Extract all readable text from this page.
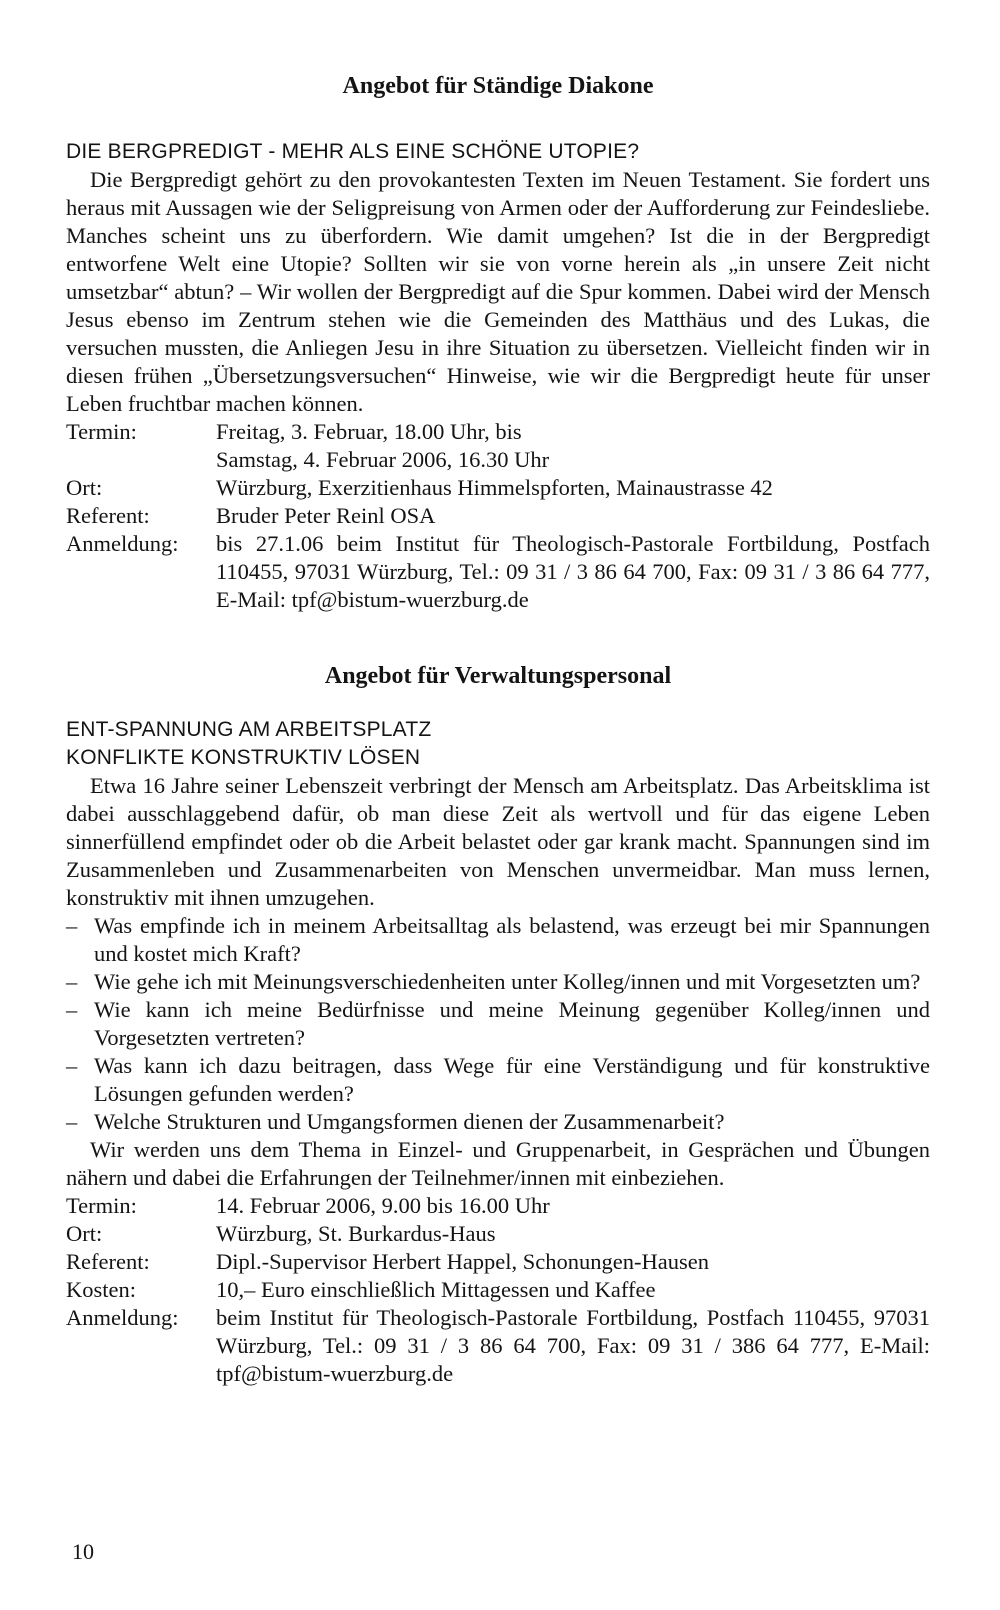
Angebot für Ständige Diakone
DIE BERGPREDIGT - MEHR ALS EINE SCHÖNE UTOPIE?

Die Bergpredigt gehört zu den provokantesten Texten im Neuen Testament. Sie fordert uns heraus mit Aussagen wie der Seligpreisung von Armen oder der Aufforderung zur Feindesliebe. Manches scheint uns zu überfordern. Wie damit umgehen? Ist die in der Bergpredigt entworfene Welt eine Utopie? Sollten wir sie von vorne herein als „in unsere Zeit nicht umsetzbar“ abtun? – Wir wollen der Bergpredigt auf die Spur kommen. Dabei wird der Mensch Jesus ebenso im Zentrum stehen wie die Gemeinden des Matthäus und des Lukas, die versuchen mussten, die Anliegen Jesu in ihre Situation zu übersetzen. Vielleicht finden wir in diesen frühen „Übersetzungsversuchen“ Hinweise, wie wir die Bergpredigt heute für unser Leben fruchtbar machen können.

Termin:	Freitag, 3. Februar, 18.00 Uhr, bis
	Samstag, 4. Februar 2006, 16.30 Uhr
Ort:	Würzburg, Exerzitienhaus Himmelspforten, Mainaustrasse 42
Referent:	Bruder Peter Reinl OSA
Anmeldung:	bis 27.1.06 beim Institut für Theologisch-Pastorale Fortbildung, Postfach 110455, 97031 Würzburg, Tel.: 09 31 / 3 86 64 700, Fax: 09 31 / 3 86 64 777, E-Mail: tpf@bistum-wuerzburg.de
Angebot für Verwaltungspersonal
ENT-SPANNUNG AM ARBEITSPLATZ
KONFLIKTE KONSTRUKTIV LÖSEN

Etwa 16 Jahre seiner Lebenszeit verbringt der Mensch am Arbeitsplatz. Das Arbeitsklima ist dabei ausschlaggebend dafür, ob man diese Zeit als wertvoll und für das eigene Leben sinnerfüllend empfindet oder ob die Arbeit belastet oder gar krank macht. Spannungen sind im Zusammenleben und Zusammenarbeiten von Menschen unvermeidbar. Man muss lernen, konstruktiv mit ihnen umzugehen.

– Was empfinde ich in meinem Arbeitsalltag als belastend, was erzeugt bei mir Spannungen und kostet mich Kraft?
– Wie gehe ich mit Meinungsverschiedenheiten unter Kolleg/innen und mit Vorgesetzten um?
– Wie kann ich meine Bedürfnisse und meine Meinung gegenüber Kolleg/innen und Vorgesetzten vertreten?
– Was kann ich dazu beitragen, dass Wege für eine Verständigung und für konstruktive Lösungen gefunden werden?
– Welche Strukturen und Umgangsformen dienen der Zusammenarbeit?

Wir werden uns dem Thema in Einzel- und Gruppenarbeit, in Gesprächen und Übungen nähern und dabei die Erfahrungen der Teilnehmer/innen mit einbeziehen.

Termin:	14. Februar 2006, 9.00 bis 16.00 Uhr
Ort:	Würzburg, St. Burkardus-Haus
Referent:	Dipl.-Supervisor Herbert Happel, Schonungen-Hausen
Kosten:	10,– Euro einschließlich Mittagessen und Kaffee
Anmeldung:	beim Institut für Theologisch-Pastorale Fortbildung, Postfach 110455, 97031 Würzburg, Tel.: 09 31 / 3 86 64 700, Fax: 09 31 / 386 64 777, E-Mail: tpf@bistum-wuerzburg.de
10
